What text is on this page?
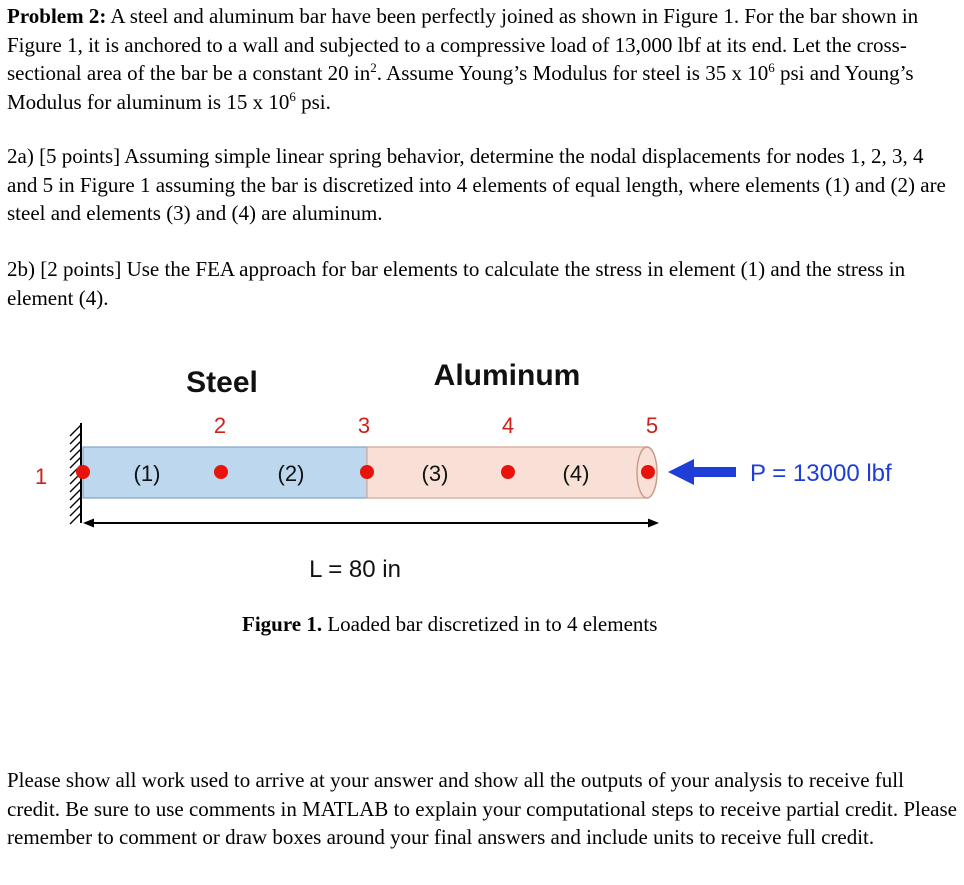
Problem 2: A steel and aluminum bar have been perfectly joined as shown in Figure 1. For the bar shown in Figure 1, it is anchored to a wall and subjected to a compressive load of 13,000 lbf at its end. Let the cross-sectional area of the bar be a constant 20 $in^2$. Assume Young’s Modulus for steel is 35 x $10^6$ psi and Young’s Modulus for aluminum is 15 x $10^6$ psi.

2a) [5 points] Assuming simple linear spring behavior, determine the nodal displacements for nodes 1, 2, 3, 4 and 5 in Figure 1 assuming the bar is discretized into 4 elements of equal length, where elements (1) and (2) are steel and elements (3) and (4) are aluminum.

2b) [2 points] Use the FEA approach for bar elements to calculate the stress in element (1) and the stress in element (4).

Steel	Aluminum
1
2	3	4	5
(1)	(2)	(3)	(4)	P = 13000 lbf
L = 80 in

Figure 1. Loaded bar discretized in to 4 elements

Please show all work used to arrive at your answer and show all the outputs of your analysis to receive full credit. Be sure to use comments in MATLAB to explain your computational steps to receive partial credit. Please remember to comment or draw boxes around your final answers and include units to receive full credit.
